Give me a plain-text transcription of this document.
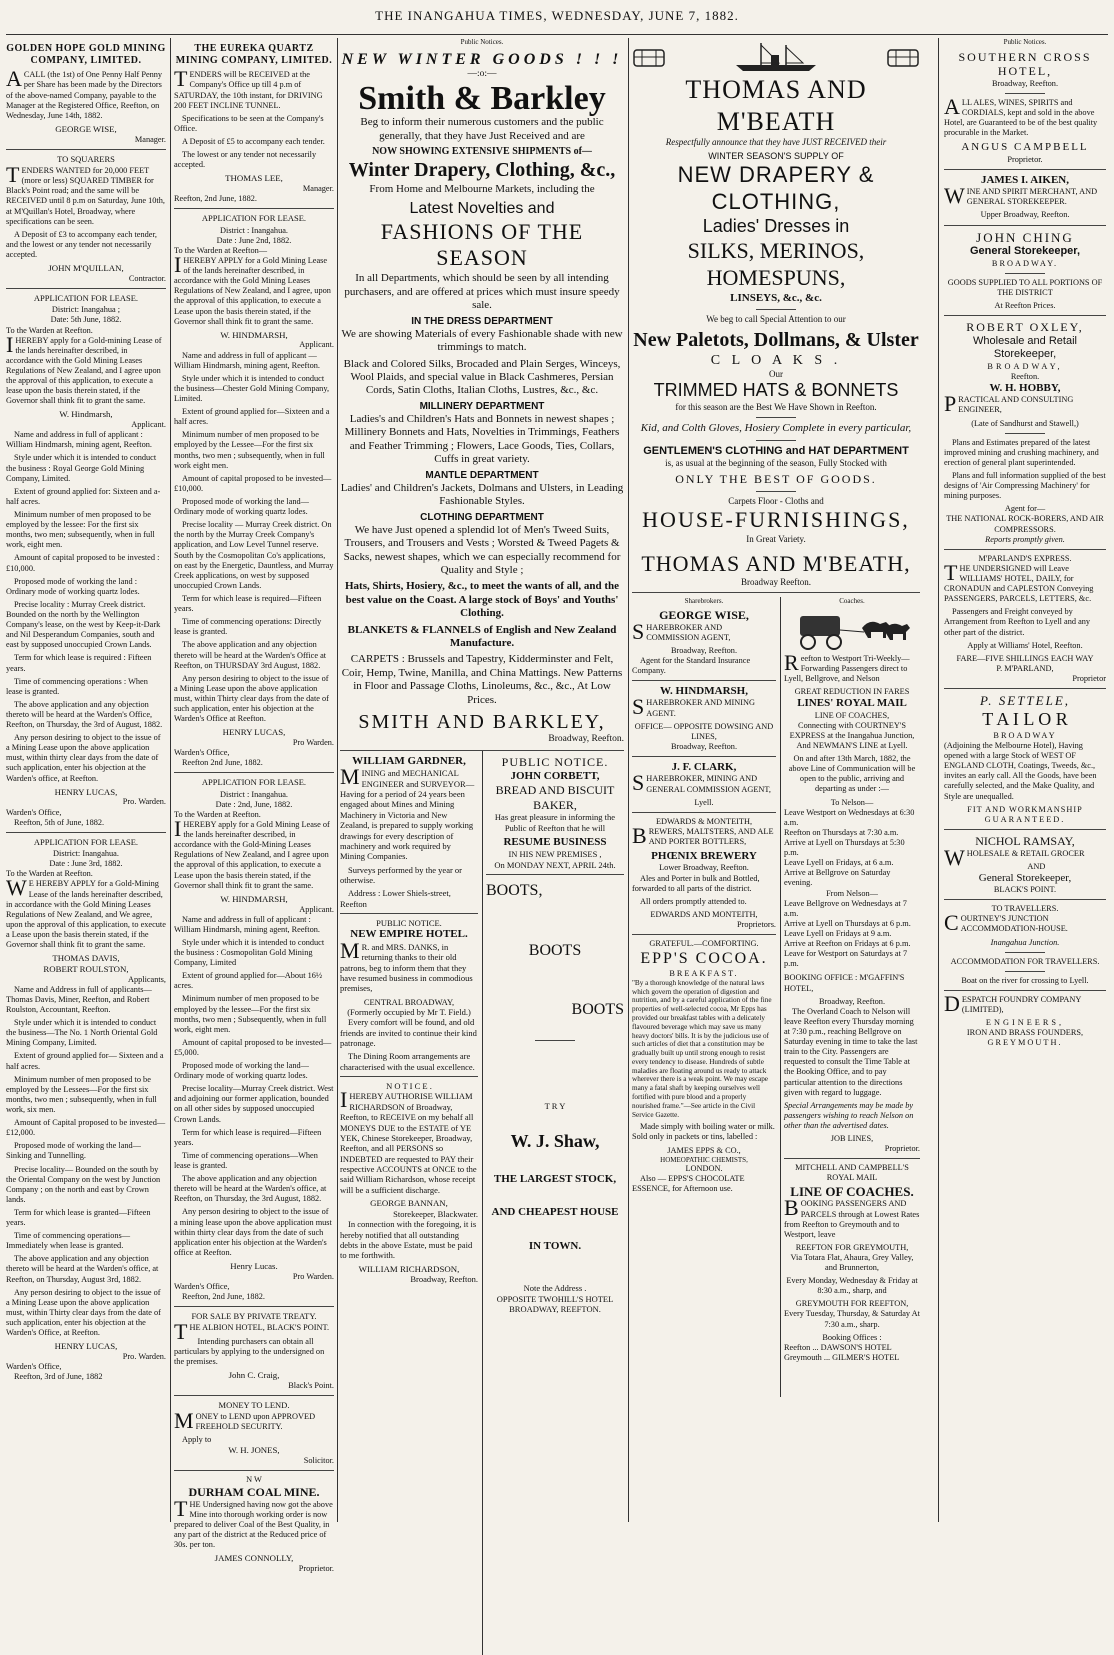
THE INANGAHUA TIMES, WEDNESDAY, JUNE 7, 1882.
GOLDEN HOPE GOLD MINING COMPANY, LIMITED.

ACALL (the 1st) of One Penny Half Penny per Share has been made by the Directors of the above-named Company, payable to the Manager at the Registered Office, Reefton, on Wednesday, June 14th, 1882.

GEORGE WISE,
Manager.
TO SQUARERS

TENDERS WANTED for 20,000 FEET (more or less) SQUARED TIMBER for Black's Point road; and the same will be RECEIVED until 8 p.m on Saturday, June 10th, at M'Quillan's Hotel, Broadway, where specifications can be seen.

A Deposit of £3 to accompany each tender, and the lowest or any tender not necessarily accepted.

JOHN M'QUILLAN,
Contractor.
APPLICATION FOR LEASE.
District: Inangahua ;
Date: 5th June, 1882.
To the Warden at Reefton.

IHEREBY apply for a Gold-mining Lease of the lands hereinafter described, in accordance with the Gold Mining Leases Regulations of New Zealand, and I agree upon the approval of this application, to execute a lease upon the basis therein stated, if the Governor shall think fit to grant the same.

W. Hindmarsh,
Applicant.

Name and address in full of applicant : William Hindmarsh, mining agent, Reefton.

Style under which it is intended to conduct the business : Royal George Gold Mining Company, Limited.

Extent of ground applied for: Sixteen and a-half acres.

Minimum number of men proposed to be employed by the lessee: For the first six months, two men; subsequently, when in full work, eight men.

Amount of capital proposed to be invested : £10,000.

Proposed mode of working the land : Ordinary mode of working quartz lodes.

Precise locality : Murray Creek district. Bounded on the north by the Wellington Company's lease, on the west by Keep-it-Dark and Nil Desperandum Companies, south and east by supposed unoccupied Crown Lands.

Term for which lease is required : Fifteen years.

Time of commencing operations : When lease is granted.

The above application and any objection thereto will be heard at the Warden's Office, Reefton, on Thursday, the 3rd of August, 1882.

Any person desiring to object to the issue of a Mining Lease upon the above application must, within thirty clear days from the date of such application, enter his objection at the Warden's office, at Reefton.

HENRY LUCAS,
Pro. Warden.
Warden's Office,
Reefton, 5th of June, 1882.
APPLICATION FOR LEASE.
District: Inangahua.
Date : June 3rd, 1882.
To the Warden at Reefton.

WE HEREBY APPLY for a Gold-Mining Lease of the lands hereinafter described, in accordance with the Gold Mining Leases Regulations of New Zealand, and We agree, upon the approval of this application, to execute a Lease upon the basis therein stated, if the Governor shall think fit to grant the same.

THOMAS DAVIS,
ROBERT ROULSTON,
Applicants,

Name and Address in full of applicants—Thomas Davis, Miner, Reefton, and Robert Roulston, Accountant, Reefton.

Style under which it is intended to conduct the business—The No. 1 North Oriental Gold Mining Company, Limited.

Extent of ground applied for— Sixteen and a half acres.

Minimum number of men proposed to be employed by the Lessees—For the first six months, two men ; subsequently, when in full work, six men.

Amount of Capital proposed to be invested—£12,000.

Proposed mode of working the land—Sinking and Tunnelling.

Precise locality— Bounded on the south by the Oriental Company on the west by Junction Company ; on the north and east by Crown lands.

Term for which lease is granted—Fifteen years.

Time of commencing operations—Immediately when lease is granted.

The above application and any objection thereto will be heard at the Warden's office, at Reefton, on Thursday, August 3rd, 1882.

Any person desiring to object to the issue of a Mining Lease upon the above application must, within Thirty clear days from the date of such application, enter his objection at the Warden's Office, at Reefton.

HENRY LUCAS,
Pro. Warden.
Warden's Office,
Reefton, 3rd of June, 1882
THE EUREKA QUARTZ MINING COMPANY, LIMITED.

TENDERS will be RECEIVED at the Company's Office up till 4 p.m of SATURDAY, the 10th instant, for DRIVING 200 FEET INCLINE TUNNEL.

Specifications to be seen at the Company's Office.

A Deposit of £5 to accompany each tender.

The lowest or any tender not necessarily accepted.

THOMAS LEE,
Manager.
Reefton, 2nd June, 1882.
APPLICATION FOR LEASE.
District : Inangahua.
Date : June 2nd, 1882.
To the Warden at Reefton—

IHEREBY APPLY for a Gold Mining Lease of the lands hereinafter described, in accordance with the Gold Mining Leases Regulations of New Zealand, and I agree, upon the approval of this application, to execute a Lease upon the basis therein stated, if the Governor shall think fit to grant the same.

W. HINDMARSH,
Applicant.

Name and address in full of applicant —William Hindmarsh, mining agent, Reefton.

Style under which it is intended to conduct the business—Chester Gold Mining Company, Limited.

Extent of ground applied for—Sixteen and a half acres.

Minimum number of men proposed to be employed by the Lessee—For the first six months, two men ; subsequently, when in full work eight men.

Amount of capital proposed to be invested—£10,000.

Proposed mode of working the land—Ordinary mode of working quartz lodes.

Precise locality — Murray Creek district. On the north by the Murray Creek Company's application, and Low Level Tunnel reserve. South by the Cosmopolitan Co's applications, on east by the Energetic, Dauntless, and Murray Creek applications, on west by supposed unoccupied Crown Lands.

Term for which lease is required—Fifteen years.

Time of commencing operations: Directly lease is granted.

The above application and any objection thereto will be heard at the Warden's Office at Reefton, on THURSDAY 3rd August, 1882.

Any person desiring to object to the issue of a Mining Lease upon the above application must, within Thirty clear days from the date of such application, enter his objection at the Warden's Office at Reefton.

HENRY LUCAS,
Pro Warden.
Warden's Office,
Reefton 2nd June, 1882.
APPLICATION FOR LEASE.
District : Inangahua.
Date : 2nd, June, 1882.
To the Warden at Reefton.

IHEREBY apply for a Gold Mining Lease of the lands hereinafter described, in accordance with the Gold-Mining Leases Regulations of New Zealand, and I agree upon the approval of this application, to execute a Lease upon the basis therein stated, if the Governor shall think fit to grant the same.

W. HINDMARSH,
Applicant.

Name and address in full of applicant : William Hindmarsh, mining agent, Reefton.

Style under which it is intended to conduct the business : Cosmopolitan Gold Mining Company, Limited

Extent of ground applied for—About 16½ acres.

Minimum number of men proposed to be employed by the lessee—For the first six months, two men ; Subsequently, when in full work, eight men.

Amount of capital proposed to be invested—£5,000.

Proposed mode of working the land—Ordinary mode of working quartz lodes.

Precise locality—Murray Creek district. West and adjoining our former application, bounded on all other sides by supposed unoccupied Crown Lands.

Term for which lease is required—Fifteen years.

Time of commencing operations—When lease is granted.

The above application and any objection thereto will be heard at the Warden's office, at Reefton, on Thursday, the 3rd August, 1882.

Any person desiring to object to the issue of a mining lease upon the above application must within thirty clear days from the date of such application enter his objection at the Warden's office at Reefton.

Henry Lucas.
Pro Warden.
Warden's Office,
Reefton, 2nd June, 1882.
FOR SALE BY PRIVATE TREATY.

THE ALBION HOTEL, BLACK'S POINT.

Intending purchasers can obtain all particulars by applying to the undersigned on the premises.

John C. Craig,
Black's Point.
MONEY TO LEND.

MONEY to LEND upon APPROVED FREEHOLD SECURITY.

Apply to
W. H. JONES,
Solicitor.
N W
DURHAM COAL MINE.

THE Undersigned having now got the above Mine into thorough working order is now prepared to deliver Coal of the Best Quality, in any part of the district at the Reduced price of 30s. per ton.

JAMES CONNOLLY,
Proprietor.
Public Notices.
NEW WINTER GOODS ! ! !
—:o:—
Smith & Barkley

Beg to inform their numerous customers and the public generally, that they have Just Received and are

NOW SHOWING EXTENSIVE SHIPMENTS of—
Winter Drapery, Clothing, &c.,

From Home and Melbourne Markets, including the

Latest Novelties and
FASHIONS OF THE SEASON

In all Departments, which should be seen by all intending purchasers, and are offered at prices which must insure speedy sale.

IN THE DRESS DEPARTMENT

We are showing Materials of every Fashionable shade with new trimmings to match.

Black and Colored Silks, Brocaded and Plain Serges, Winceys, Wool Plaids, and special value in Black Cashmeres, Persian Cords, Satin Cloths, Italian Cloths, Lustres, &c., &c.

MILLINERY DEPARTMENT

Ladies's and Children's Hats and Bonnets in newest shapes ; Millinery Bonnets and Hats, Novelties in Trimmings, Feathers and Feather Trimming ; Flowers, Lace Goods, Ties, Collars, Cuffs in great variety.

MANTLE DEPARTMENT

Ladies' and Children's Jackets, Dolmans and Ulsters, in Leading Fashionable Styles.

CLOTHING DEPARTMENT

We have Just opened a splendid lot of Men's Tweed Suits, Trousers, and Trousers and Vests ; Worsted & Tweed Pagets & Sacks, newest shapes, which we can especially recommend for Quality and Style ;

Hats, Shirts, Hosiery, &c., to meet the wants of all, and the best value on the Coast. A large stock of Boys' and Youths' Clothing.

BLANKETS & FLANNELS of English and New Zealand Manufacture.

CARPETS : Brussels and Tapestry, Kidderminster and Felt, Coir, Hemp, Twine, Manilla, and China Mattings. New Patterns in Floor and Passage Cloths, Linoleums, &c., &c., At Low Prices.

SMITH AND BARKLEY,
Broadway, Reefton.
WILLIAM GARDNER,

MINING and MECHANICAL ENGINEER and SURVEYOR—Having for a period of 24 years been engaged about Mines and Mining Machinery in Victoria and New Zealand, is prepared to supply working drawings for every description of machinery and work required by Mining Companies.

Surveys performed by the year or otherwise.

Address : Lower Shiels-street, Reefton

PUBLIC NOTICE.
NEW EMPIRE HOTEL.

MR. and MRS. DANKS, in returning thanks to their old patrons, beg to inform them that they have resumed business in commodious premises,

CENTRAL BROADWAY,
(Formerly occupied by Mr T. Field.)

Every comfort will be found, and old friends are invited to continue their kind patronage.

The Dining Room arrangements are characterised with the usual excellence.

N O T I C E .

IHEREBY AUTHORISE WILLIAM RICHARDSON of Broadway, Reefton, to RECEIVE on my behalf all MONEYS DUE to the ESTATE of YE YEK, Chinese Storekeeper, Broadway, Reefton, and all PERSONS so INDEBTED are requested to PAY their respective ACCOUNTS at ONCE to the said William Richardson, whose receipt will be a sufficient discharge.

GEORGE BANNAN,
Storekeeper, Blackwater.

In connection with the foregoing, it is hereby notified that all outstanding debts in the above Estate, must be paid to me forthwith.

WILLIAM RICHARDSON,
Broadway, Reefton.
PUBLIC NOTICE.
JOHN CORBETT,
BREAD AND BISCUIT
BAKER,

Has great pleasure in informing the Public of Reefton that he will

RESUME BUSINESS
IN HIS NEW PREMISES ,
On MONDAY NEXT, APRIL 24th.
BOOTS,
BOOTS
BOOTS
T R Y
W. J. Shaw,
THE LARGEST STOCK,
AND CHEAPEST HOUSE
IN TOWN.
Note the Address .
OPPOSITE TWOHILL'S HOTEL
BROADWAY, REEFTON.
THOMAS AND M'BEATH

Respectfully announce that they have JUST RECEIVED their

WINTER SEASON'S SUPPLY OF
NEW DRAPERY & CLOTHING,
Ladies' Dresses in
SILKS, MERINOS, HOMESPUNS,
LINSEYS, &c., &c.

We beg to call Special Attention to our

New Paletots, Dollmans, & Ulster
C L O A K S .
Our
TRIMMED HATS & BONNETS

for this season are the Best We Have Shown in Reefton.

Kid, and Colth Gloves, Hosiery Complete in every particular,

GENTLEMEN'S CLOTHING and HAT DEPARTMENT

is, as usual at the beginning of the season, Fully Stocked with

ONLY THE BEST OF GOODS.
Carpets Floor - Cloths and
HOUSE-FURNISHINGS,
In Great Variety.
THOMAS AND M'BEATH,
Broadway Reefton.
Sharebrokers.
GEORGE WISE,

SHAREBROKER AND COMMISSION AGENT,

Broadway, Reefton.

Agent for the Standard Insurance Company.

W. HINDMARSH,

SHAREBROKER AND MINING AGENT.

OFFICE— OPPOSITE DOWSING AND LINES,
Broadway, Reefton.
J. F. CLARK,

SHAREBROKER, MINING AND GENERAL COMMISSION AGENT,

Lyell.
EDWARDS & MONTEITH,

BREWERS, MALTSTERS, AND ALE AND PORTER BOTTLERS,

PHŒNIX BREWERY
Lower Broadway, Reefton.

Ales and Porter in bulk and Bottled, forwarded to all parts of the district.

All orders promptly attended to.

EDWARDS AND MONTEITH,
Proprietors.
GRATEFUL.—COMFORTING.
EPP'S COCOA.
BREAKFAST.

"By a thorough knowledge of the natural laws which govern the operation of digestion and nutrition, and by a careful application of the fine properties of well-selected cocoa, Mr Epps has provided our breakfast tables with a delicately flavoured beverage which may save us many heavy doctors' bills. It is by the judicious use of such articles of diet that a constitution may be gradually built up until strong enough to resist every tendency to disease. Hundreds of subtle maladies are floating around us ready to attack wherever there is a weak point. We may escape many a fatal shaft by keeping ourselves well fortified with pure blood and a properly nourished frame."—See article in the Civil Service Gazette.

Made simply with boiling water or milk. Sold only in packets or tins, labelled :

JAMES EPPS & CO.,
HOMEOPATHIC CHEMISTS,
LONDON.

Also — EPPS'S CHOCOLATE ESSENCE, for Afternoon use.

Coaches.

Reefton to Westport Tri-Weekly—Forwarding Passengers direct to Lyell, Bellgrove, and Nelson

GREAT REDUCTION IN FARES
LINES' ROYAL MAIL
LINE OF COACHES,

Connecting with COURTNEY'S EXPRESS at the Inangahua Junction, And NEWMAN'S LINE at Lyell.

On and after 13th March, 1882, the above Line of Communication will be open to the public, arriving and departing as under :—

To Nelson—
Leave Westport on Wednesdays at 6:30 a.m.
Reefton on Thursdays at 7:30 a.m.
Arrive at Lyell on Thursdays at 5:30 p.m.
Leave Lyell on Fridays, at 6 a.m.
Arrive at Bellgrove on Saturday evening.
From Nelson—
Leave Bellgrove on Wednesdays at 7 a.m.
Arrive at Lyell on Thursdays at 6 p.m.
Leave Lyell on Fridays at 9 a.m.
Arrive at Reefton on Fridays at 6 p.m.
Leave for Westport on Saturdays at 7 p.m.

BOOKING OFFICE : M'GAFFIN'S HOTEL,

Broadway, Reefton.

The Overland Coach to Nelson will leave Reefton every Thursday morning at 7:30 p.m., reaching Bellgrove on Saturday evening in time to take the last train to the City. Passengers are requested to consult the Time Table at the Booking Office, and to pay particular attention to the directions given with regard to luggage.

Special Arrangements may be made by passengers wishing to reach Nelson on other than the advertised dates.

JOB LINES,
Proprietor.
MITCHELL AND CAMPBELL'S
ROYAL MAIL
LINE OF COACHES.

BOOKING PASSENGERS AND PARCELS through at Lowest Rates from Reefton to Greymouth and to Westport, leave

REEFTON FOR GREYMOUTH,

Via Totara Flat, Ahaura, Grey Valley, and Brunnerton,

Every Monday, Wednesday & Friday at 8:30 a.m., sharp, and

GREYMOUTH FOR REEFTON,

Every Tuesday, Thursday, & Saturday At 7:30 a.m., sharp.

Booking Offices :
Reefton ... DAWSON'S HOTEL
Greymouth ... GILMER'S HOTEL
Public Notices.
SOUTHERN CROSS HOTEL,
Broadway, Reefton.

ALL ALES, WINES, SPIRITS and CORDIALS, kept and sold in the above Hotel, are Guaranteed to be of the best quality procurable in the Market.

ANGUS CAMPBELL
Proprietor.
JAMES I. AIKEN,

WINE AND SPIRIT MERCHANT, AND GENERAL STOREKEEPER.

Upper Broadway, Reefton.
JOHN CHING
General Storekeeper,
BROADWAY.

GOODS SUPPLIED TO ALL PORTIONS OF THE DISTRICT

At Reefton Prices.
ROBERT OXLEY,
Wholesale and Retail
Storekeeper,
BROADWAY,
Reefton.
W. H. HOBBY,

PRACTICAL AND CONSULTING ENGINEER,

(Late of Sandhurst and Stawell,)

Plans and Estimates prepared of the latest improved mining and crushing machinery, and erection of general plant superintended.

Plans and full information supplied of the best designs of 'Air Compressing Machinery' for mining purposes.

Agent for—
THE NATIONAL ROCK-BORERS, AND AIR COMPRESSORS.
Reports promptly given.
M'PARLAND'S EXPRESS.

THE UNDERSIGNED will Leave WILLIAMS' HOTEL, DAILY, for CRONADUN and CAPLESTON Conveying PASSENGERS, PARCELS, LETTERS, &c.

Passengers and Freight conveyed by Arrangement from Reefton to Lyell and any other part of the district.

Apply at Williams' Hotel, Reefton.

FARE—FIVE SHILLINGS EACH WAY
P. M'PARLAND,
Proprietor
P. SETTELE,
T A I L O R
BROADWAY

(Adjoining the Melbourne Hotel), Having opened with a large Stock of WEST OF ENGLAND CLOTH, Coatings, Tweeds, &c., invites an early call. All the Goods, have been carefully selected, and the Make Quality, and Style are unequalled.

FIT AND WORKMANSHIP
GUARANTEED.
NICHOL RAMSAY,

WHOLESALE & RETAIL GROCER

AND
General Storekeeper,
BLACK'S POINT.
TO TRAVELLERS.

COURTNEY'S JUNCTION ACCOMMODATION-HOUSE.

Inangahua Junction.
ACCOMMODATION FOR TRAVELLERS.
Boat on the river for crossing to Lyell.

DESPATCH FOUNDRY COMPANY (LIMITED),

ENGINEERS,
IRON AND BRASS FOUNDERS,
GREYMOUTH.
